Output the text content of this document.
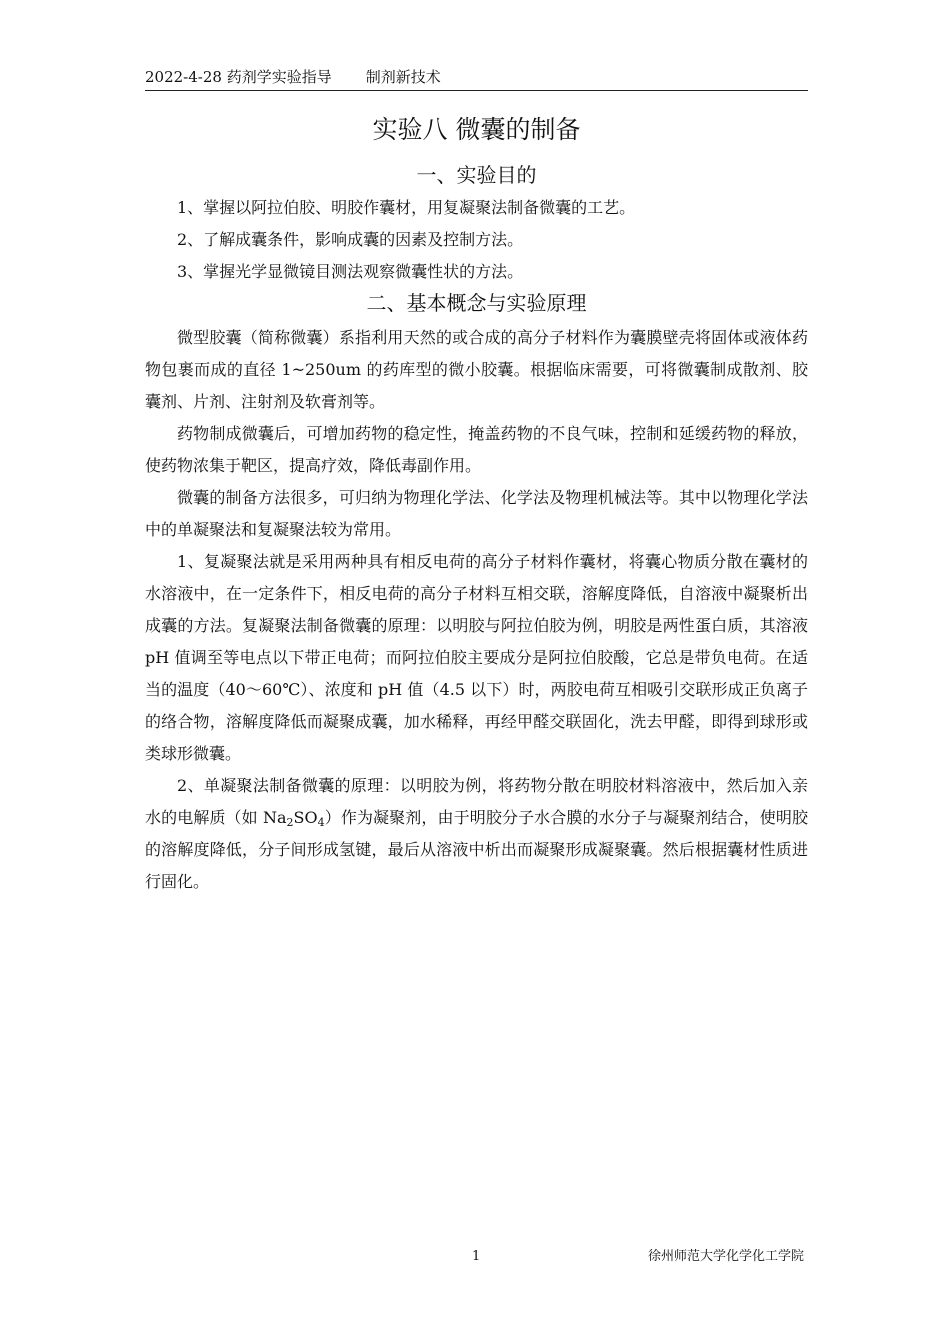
2022-4-28 药剂学实验指导 制剂新技术
实验八 微囊的制备
一、实验目的

1、掌握以阿拉伯胶、明胶作囊材，用复凝聚法制备微囊的工艺。

2、了解成囊条件，影响成囊的因素及控制方法。

3、掌握光学显微镜目测法观察微囊性状的方法。

二、基本概念与实验原理

微型胶囊（简称微囊）系指利用天然的或合成的高分子材料作为囊膜壁壳将固体或液体药物包裹而成的直径 1~250um 的药库型的微小胶囊。根据临床需要，可将微囊制成散剂、胶囊剂、片剂、注射剂及软膏剂等。

药物制成微囊后，可增加药物的稳定性，掩盖药物的不良气味，控制和延缓药物的释放，使药物浓集于靶区，提高疗效，降低毒副作用。

微囊的制备方法很多，可归纳为物理化学法、化学法及物理机械法等。其中以物理化学法中的单凝聚法和复凝聚法较为常用。

1、复凝聚法就是采用两种具有相反电荷的高分子材料作囊材，将囊心物质分散在囊材的水溶液中，在一定条件下，相反电荷的高分子材料互相交联，溶解度降低，自溶液中凝聚析出成囊的方法。复凝聚法制备微囊的原理：以明胶与阿拉伯胶为例，明胶是两性蛋白质，其溶液 pH 值调至等电点以下带正电荷；而阿拉伯胶主要成分是阿拉伯胶酸，它总是带负电荷。在适当的温度（40～60℃）、浓度和 pH 值（4.5 以下）时，两胶电荷互相吸引交联形成正负离子的络合物，溶解度降低而凝聚成囊，加水稀释，再经甲醛交联固化，洗去甲醛，即得到球形或类球形微囊。

2、单凝聚法制备微囊的原理：以明胶为例，将药物分散在明胶材料溶液中，然后加入亲水的电解质（如 $Na_2SO_4$）作为凝聚剂，由于明胶分子水合膜的水分子与凝聚剂结合，使明胶的溶解度降低，分子间形成氢键，最后从溶液中析出而凝聚形成凝聚囊。然后根据囊材性质进行固化。

1	徐州师范大学化学化工学院
